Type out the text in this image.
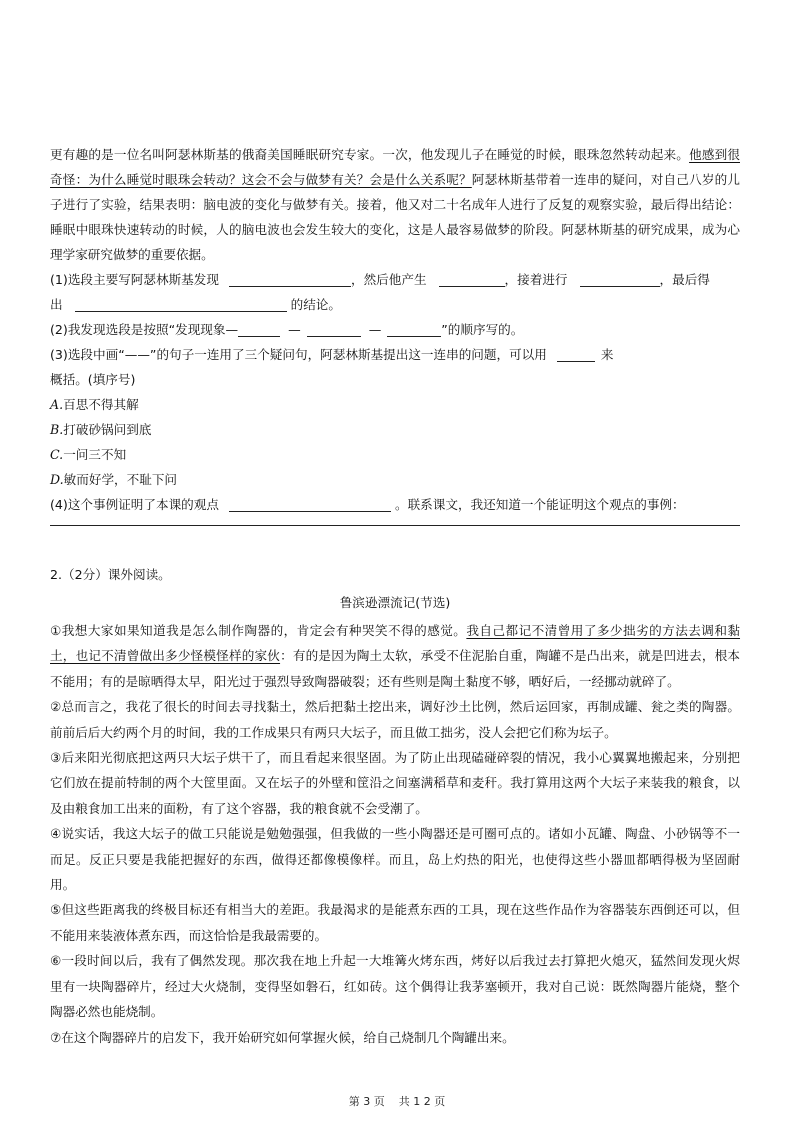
更有趣的是一位名叫阿瑟林斯基的俄裔美国睡眠研究专家。一次，他发现儿子在睡觉的时候，眼珠忽然转动起来。他感到很奇怪：为什么睡觉时眼珠会转动？这会不会与做梦有关？会是什么关系呢？阿瑟林斯基带着一连串的疑问，对自己八岁的儿子进行了实验，结果表明：脑电波的变化与做梦有关。接着，他又对二十名成年人进行了反复的观察实验，最后得出结论：睡眠中眼珠快速转动的时候，人的脑电波也会发生较大的变化，这是人最容易做梦的阶段。阿瑟林斯基的研究成果，成为心理学家研究做梦的重要依据。

(1)选段主要写阿瑟林斯基发现	，然后他产生	，接着进行	，最后得

出	的结论。

(2)我发现选段是按照“发现现象—	—	—	”的顺序写的。

(3)选段中画“——”的句子一连用了三个疑问句，阿瑟林斯基提出这一连串的问题，可以用	来

概括。(填序号)

A.百思不得其解

B.打破砂锅问到底

C.一问三不知

D.敏而好学，不耻下问

(4)这个事例证明了本课的观点	。联系课文，我还知道一个能证明这个观点的事例：

2.（2分）课外阅读。

鲁滨逊漂流记(节选)

①我想大家如果知道我是怎么制作陶器的，肯定会有种哭笑不得的感觉。我自己都记不清曾用了多少拙劣的方法去调和黏土，也记不清曾做出多少怪模怪样的家伙：有的是因为陶土太软，承受不住泥胎自重，陶罐不是凸出来，就是凹进去，根本不能用；有的是晾晒得太早，阳光过于强烈导致陶器破裂；还有些则是陶土黏度不够，晒好后，一经挪动就碎了。

②总而言之，我花了很长的时间去寻找黏土，然后把黏土挖出来，调好沙土比例，然后运回家，再制成罐、瓮之类的陶器。前前后后大约两个月的时间，我的工作成果只有两只大坛子，而且做工拙劣，没人会把它们称为坛子。

③后来阳光彻底把这两只大坛子烘干了，而且看起来很坚固。为了防止出现磕碰碎裂的情况，我小心翼翼地搬起来，分别把它们放在提前特制的两个大筐里面。又在坛子的外壁和筐沿之间塞满稻草和麦秆。我打算用这两个大坛子来装我的粮食，以及由粮食加工出来的面粉，有了这个容器，我的粮食就不会受潮了。

④说实话，我这大坛子的做工只能说是勉勉强强，但我做的一些小陶器还是可圈可点的。诸如小瓦罐、陶盘、小砂锅等不一而足。反正只要是我能把握好的东西，做得还都像模像样。而且，岛上灼热的阳光，也使得这些小器皿都晒得极为坚固耐用。

⑤但这些距离我的终极目标还有相当大的差距。我最渴求的是能煮东西的工具，现在这些作品作为容器装东西倒还可以，但不能用来装液体煮东西，而这恰恰是我最需要的。

⑥一段时间以后，我有了偶然发现。那次我在地上升起一大堆篝火烤东西，烤好以后我过去打算把火熄灭，猛然间发现火烬里有一块陶器碎片，经过大火烧制，变得坚如磐石，红如砖。这个偶得让我茅塞顿开，我对自己说：既然陶器片能烧，整个陶器必然也能烧制。

⑦在这个陶器碎片的启发下，我开始研究如何掌握火候，给自己烧制几个陶罐出来。

第 3 页    共 1 2 页
